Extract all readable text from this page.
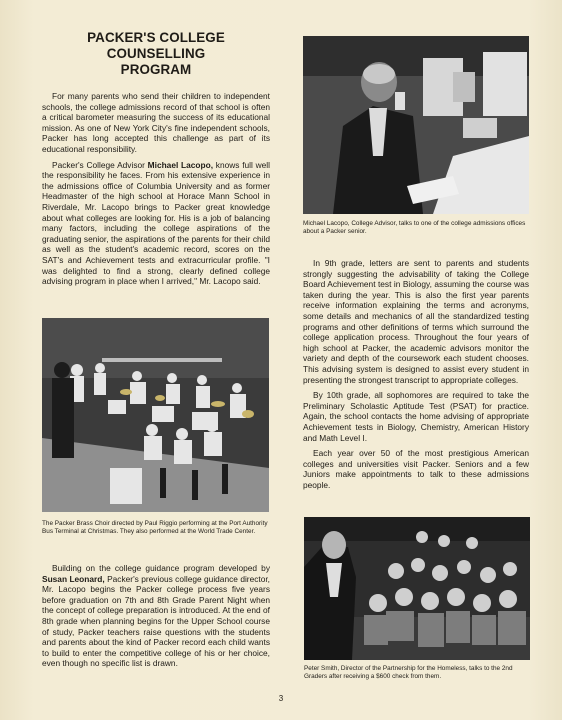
PACKER'S COLLEGE COUNSELLING
PROGRAM

For many parents who send their children to independent schools, the college admissions record of that school is often a critical barometer measuring the success of its educational mission. As one of New York City's fine independent schools, Packer has long accepted this challenge as part of its educational responsibility.

Packer's College Advisor Michael Lacopo, knows full well the responsibility he faces. From his extensive experience in the admissions office of Columbia University and as former Headmaster of the high school at Horace Mann School in Riverdale, Mr. Lacopo brings to Packer great knowledge about what colleges are looking for. His is a job of balancing many factors, including the college aspirations of the graduating senior, the aspirations of the parents for their child as well as the student's academic record, scores on the SAT's and Achievement tests and extracurricular profile. "I was delighted to find a strong, clearly defined college advising program in place when I arrived," Mr. Lacopo said.

The Packer Brass Choir directed by Paul Riggio performing at the Port Authority Bus Terminal at Christmas. They also performed at the World Trade Center.

Building on the college guidance program developed by Susan Leonard, Packer's previous college guidance director, Mr. Lacopo begins the Packer college process five years before graduation on 7th and 8th Grade Parent Night when the concept of college preparation is introduced. At the end of 8th grade when planning begins for the Upper School course of study, Packer teachers raise questions with the students and parents about the kind of Packer record each child wants to build to enter the competitive college of his or her choice, even though no specific list is drawn.

Michael Lacopo, College Advisor, talks to one of the college admissions offices about a Packer senior.

In 9th grade, letters are sent to parents and students strongly suggesting the advisability of taking the College Board Achievement test in Biology, assuming the course was taken during the year. This is also the first year parents receive information explaining the terms and acronyms, some details and mechanics of all the standardized testing programs and other definitions of terms which surround the college application process. Throughout the four years of high school at Packer, the academic advisors monitor the variety and depth of the coursework each student chooses. This advising system is designed to assist every student in presenting the strongest transcript to appropriate colleges.

By 10th grade, all sophomores are required to take the Preliminary Scholastic Aptitude Test (PSAT) for practice. Again, the school contacts the home advising of appropriate Achievement tests in Biology, Chemistry, American History and Math Level I.

Each year over 50 of the most prestigious American colleges and universities visit Packer. Seniors and a few Juniors make appointments to talk to these admissions people.

Peter Smith, Director of the Partnership for the Homeless, talks to the 2nd Graders after receiving a $600 check from them.

3
